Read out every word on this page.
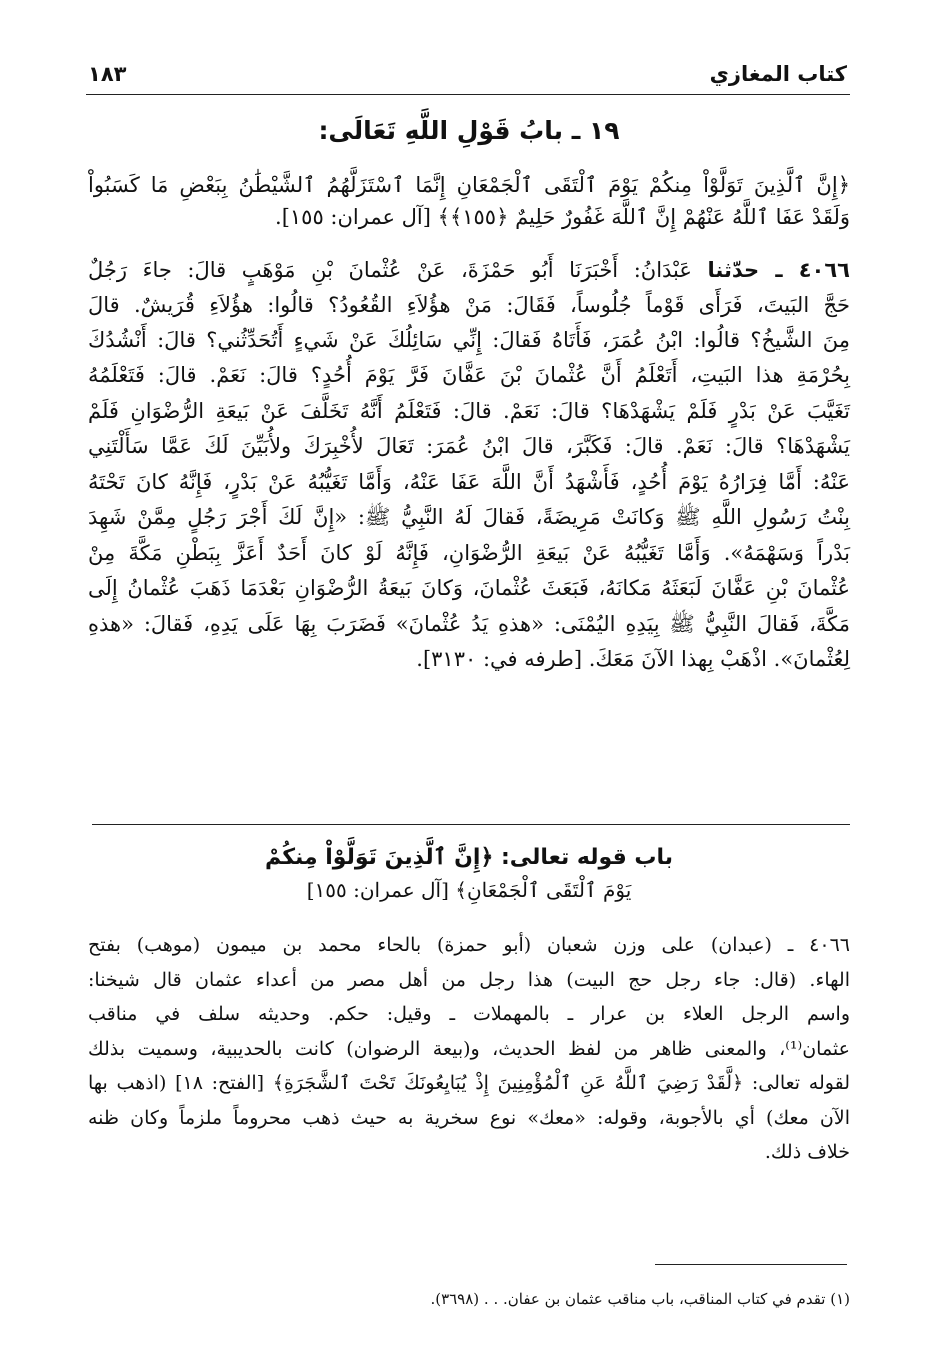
كتاب المغازي
١٨٣
١٩ ـ بابُ قَوْلِ اللَّهِ تَعَالَى:
﴿إِنَّ ٱلَّذِينَ تَوَلَّوْاْ مِنكُمْ يَوْمَ ٱلْتَقَى ٱلْجَمْعَانِ إِنَّمَا ٱسْتَزَلَّهُمُ ٱلشَّيْطَٰنُ بِبَعْضِ مَا كَسَبُواْ
وَلَقَدْ عَفَا ٱللَّهُ عَنْهُمْ إِنَّ ٱللَّهَ غَفُورٌ حَلِيمٌ ﴿١٥٥﴾﴾ [آل عمران: ١٥٥].
٤٠٦٦ ـ حدّثنا عَبْدَانُ: أَخْبَرَنَا أَبُو حَمْزَةَ، عَنْ عُثْمانَ بْنِ مَوْهَبٍ قالَ: جاءَ رَجُلٌ
حَجَّ البَيتَ، فَرَأَى قَوْماً جُلُوساً، فَقَالَ: مَنْ هؤُلاَءِ القُعُودُ؟ قالُوا: هؤُلاَءِ قُرَيشٌ. قالَ
مِنَ الشَّيخُ؟ قالُوا: ابْنُ عُمَرَ، فَأَتَاهُ فَقالَ: إِنِّي سَائِلُكَ عَنْ شَيءٍ أَتُحَدِّثُني؟ قالَ: أَنْشُدُكَ
بِحُرْمَةِ هذا البَيتِ، أَتَعْلَمُ أَنَّ عُثْمانَ بْنَ عَفَّانَ فَرَّ يَوْمَ أُحُدٍ؟ قالَ: نَعَمْ. قالَ: فَتَعْلَمُهُ
تَغَيَّبَ عَنْ بَدْرٍ فَلَمْ يَشْهَدْهَا؟ قالَ: نَعَمْ. قالَ: فَتَعْلَمُ أَنَّهُ تَخَلَّفَ عَنْ بَيعَةِ الرُّضْوَانِ فَلَمْ
يَشْهَدْهَا؟ قالَ: نَعَمْ. قالَ: فَكَبَّرَ، قالَ ابْنُ عُمَرَ: تَعَالَ لأُخْبِرَكَ ولأُبَيِّنَ لَكَ عَمَّا سَأَلْتَنِي
عَنْهُ: أَمَّا فِرَارُهُ يَوْمَ أُحُدٍ، فَأَشْهَدُ أَنَّ اللَّهَ عَفَا عَنْهُ، وَأَمَّا تَغَيُّبُهُ عَنْ بَدْرٍ، فَإِنَّهُ كانَ تَحْتَهُ
بِنْتُ رَسُولِ اللَّهِ ﷺ وَكانَتْ مَرِيضَةً، فَقالَ لَهُ النَّبِيُّ ﷺ: «إِنَّ لَكَ أَجْرَ رَجُلٍ مِمَّنْ شَهِدَ
بَدْراً وَسَهْمَهُ». وَأَمَّا تَغَيُّبُهُ عَنْ بَيعَةِ الرُّضْوَانِ، فَإِنَّهُ لَوْ كانَ أَحَدٌ أَعَزَّ بِبَطْنِ مَكَّةَ مِنْ
عُثْمانَ بْنِ عَفَّانَ لَبَعَثَهُ مَكانَهُ، فَبَعَثَ عُثْمانَ، وَكانَ بَيعَةُ الرُّضْوَانِ بَعْدَمَا ذَهَبَ عُثْمانُ إِلَى
مَكَّةَ، فَقالَ النَّبِيُّ ﷺ بِيَدِهِ اليُمْنَى: «هذهِ يَدُ عُثْمانَ» فَضَرَبَ بِهَا عَلَى يَدِهِ، فَقالَ: «هذهِ
لِعُثْمانَ». اذْهَبْ بِهذا الآنَ مَعَكَ. [طرفه في: ٣١٣٠].
باب قوله تعالى: ﴿إِنَّ ٱلَّذِينَ تَوَلَّوْاْ مِنكُمْ
يَوْمَ ٱلْتَقَى ٱلْجَمْعَانِ﴾ [آل عمران: ١٥٥]
٤٠٦٦ ـ (عبدان) على وزن شعبان (أبو حمزة) بالحاء محمد بن ميمون (موهب) بفتح
الهاء. (قال: جاء رجل حج البيت) هذا رجل من أهل مصر من أعداء عثمان قال شيخنا:
واسم الرجل العلاء بن عرار ـ بالمهملات ـ وقيل: حكم. وحديثه سلف في مناقب
عثمان⁽¹⁾، والمعنى ظاهر من لفظ الحديث، و(بيعة الرضوان) كانت بالحديبية، وسميت بذلك
لقوله تعالى: ﴿لَّقَدْ رَضِيَ ٱللَّهُ عَنِ ٱلْمُؤْمِنِينَ إِذْ يُبَايِعُونَكَ تَحْتَ ٱلشَّجَرَةِ﴾ [الفتح: ١٨] (اذهب بها
الآن معك) أي بالأجوبة، وقوله: «معك» نوع سخرية به حيث ذهب محروماً ملزماً وكان ظنه
خلاف ذلك.
(١) تقدم في كتاب المناقب، باب مناقب عثمان بن عفان. . . (٣٦٩٨).
